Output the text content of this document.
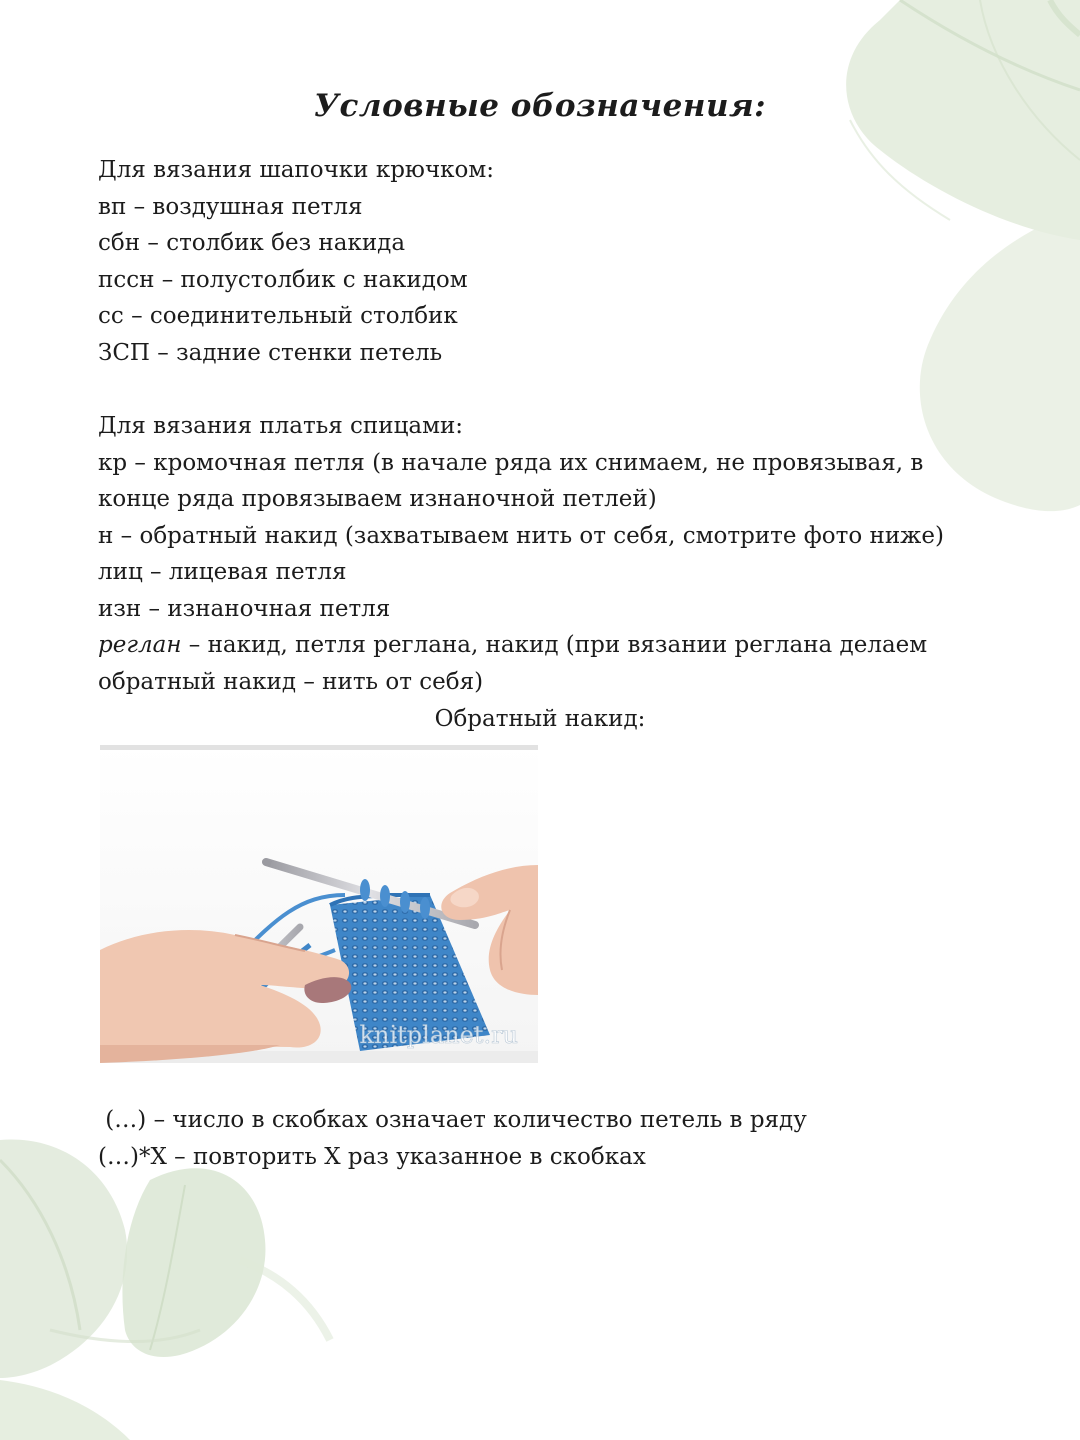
Условные обозначения:

Для вязания шапочки крючком:

вп – воздушная петля

сбн – столбик без накида

пссн – полустолбик с накидом

сс – соединительный столбик

ЗСП – задние стенки петель

Для вязания платья спицами:

кр – кромочная петля (в начале ряда их снимаем, не провязывая, в конце ряда провязываем изнаночной петлей)

н – обратный накид (захватываем нить от себя, смотрите фото ниже)

лиц – лицевая петля

изн – изнаночная петля

реглан – накид, петля реглана, накид (при вязании реглана делаем обратный накид – нить от себя)

Обратный накид:
knitplanet.ru

(…) – число в скобках означает количество петель в ряду

(…)*X – повторить X раз указанное в скобках
